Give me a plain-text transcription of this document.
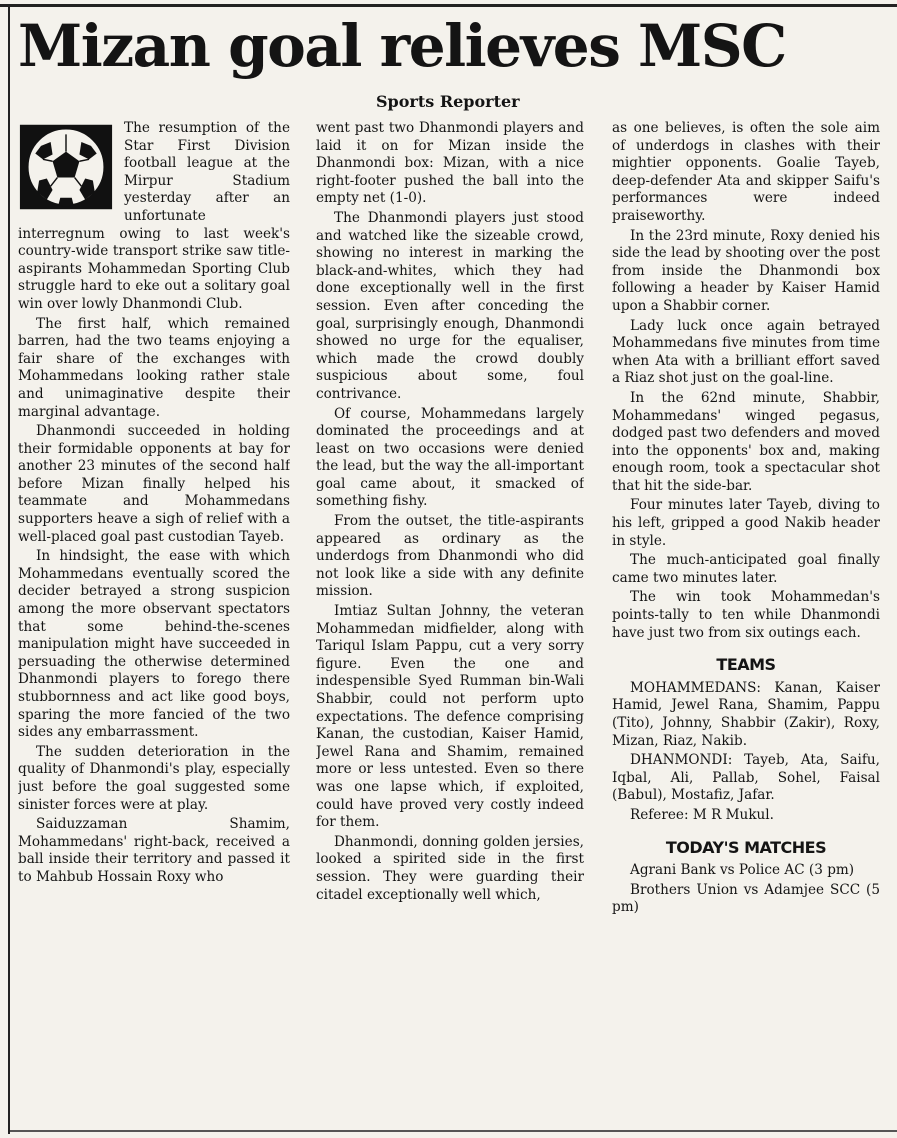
Mizan goal relieves MSC
Sports Reporter

The resumption of the Star First Division football league at the Mirpur Stadium yesterday after an unfortunate interregnum owing to last week's country-wide transport strike saw title-aspirants Mohammedan Sporting Club struggle hard to eke out a solitary goal win over lowly Dhanmondi Club.

The first half, which remained barren, had the two teams enjoying a fair share of the exchanges with Mohammedans looking rather stale and unimaginative despite their marginal advantage.

Dhanmondi succeeded in holding their formidable opponents at bay for another 23 minutes of the second half before Mizan finally helped his teammate and Mohammedans supporters heave a sigh of relief with a well-placed goal past custodian Tayeb.

In hindsight, the ease with which Mohammedans eventually scored the decider betrayed a strong suspicion among the more observant spectators that some behind-the-scenes manipulation might have succeeded in persuading the otherwise determined Dhanmondi players to forego there stubbornness and act like good boys, sparing the more fancied of the two sides any embarrassment.

The sudden deterioration in the quality of Dhanmondi's play, especially just before the goal suggested some sinister forces were at play.

Saiduzzaman Shamim, Mohammedans' right-back, received a ball inside their territory and passed it to Mahbub Hossain Roxy who

went past two Dhanmondi players and laid it on for Mizan inside the Dhanmondi box: Mizan, with a nice right-footer pushed the ball into the empty net (1-0).

The Dhanmondi players just stood and watched like the sizeable crowd, showing no interest in marking the black-and-whites, which they had done exceptionally well in the first session. Even after conceding the goal, surprisingly enough, Dhanmondi showed no urge for the equaliser, which made the crowd doubly suspicious about some, foul contrivance.

Of course, Mohammedans largely dominated the proceedings and at least on two occasions were denied the lead, but the way the all-important goal came about, it smacked of something fishy.

From the outset, the title-aspirants appeared as ordinary as the underdogs from Dhanmondi who did not look like a side with any definite mission.

Imtiaz Sultan Johnny, the veteran Mohammedan midfielder, along with Tariqul Islam Pappu, cut a very sorry figure. Even the one and indespensible Syed Rumman bin-Wali Shabbir, could not perform upto expectations. The defence comprising Kanan, the custodian, Kaiser Hamid, Jewel Rana and Shamim, remained more or less untested. Even so there was one lapse which, if exploited, could have proved very costly indeed for them.

Dhanmondi, donning golden jersies, looked a spirited side in the first session. They were guarding their citadel exceptionally well which,

as one believes, is often the sole aim of underdogs in clashes with their mightier opponents. Goalie Tayeb, deep-defender Ata and skipper Saifu's performances were indeed praiseworthy.

In the 23rd minute, Roxy denied his side the lead by shooting over the post from inside the Dhanmondi box following a header by Kaiser Hamid upon a Shabbir corner.

Lady luck once again betrayed Mohammedans five minutes from time when Ata with a brilliant effort saved a Riaz shot just on the goal-line.

In the 62nd minute, Shabbir, Mohammedans' winged pegasus, dodged past two defenders and moved into the opponents' box and, making enough room, took a spectacular shot that hit the side-bar.

Four minutes later Tayeb, diving to his left, gripped a good Nakib header in style.

The much-anticipated goal finally came two minutes later.

The win took Mohammedan's points-tally to ten while Dhanmondi have just two from six outings each.

TEAMS

MOHAMMEDANS: Kanan, Kaiser Hamid, Jewel Rana, Shamim, Pappu (Tito), Johnny, Shabbir (Zakir), Roxy, Mizan, Riaz, Nakib.

DHANMONDI: Tayeb, Ata, Saifu, Iqbal, Ali, Pallab, Sohel, Faisal (Babul), Mostafiz, Jafar.

Referee: M R Mukul.

TODAY'S MATCHES

Agrani Bank vs Police AC (3 pm)

Brothers Union vs Adamjee SCC (5 pm)
